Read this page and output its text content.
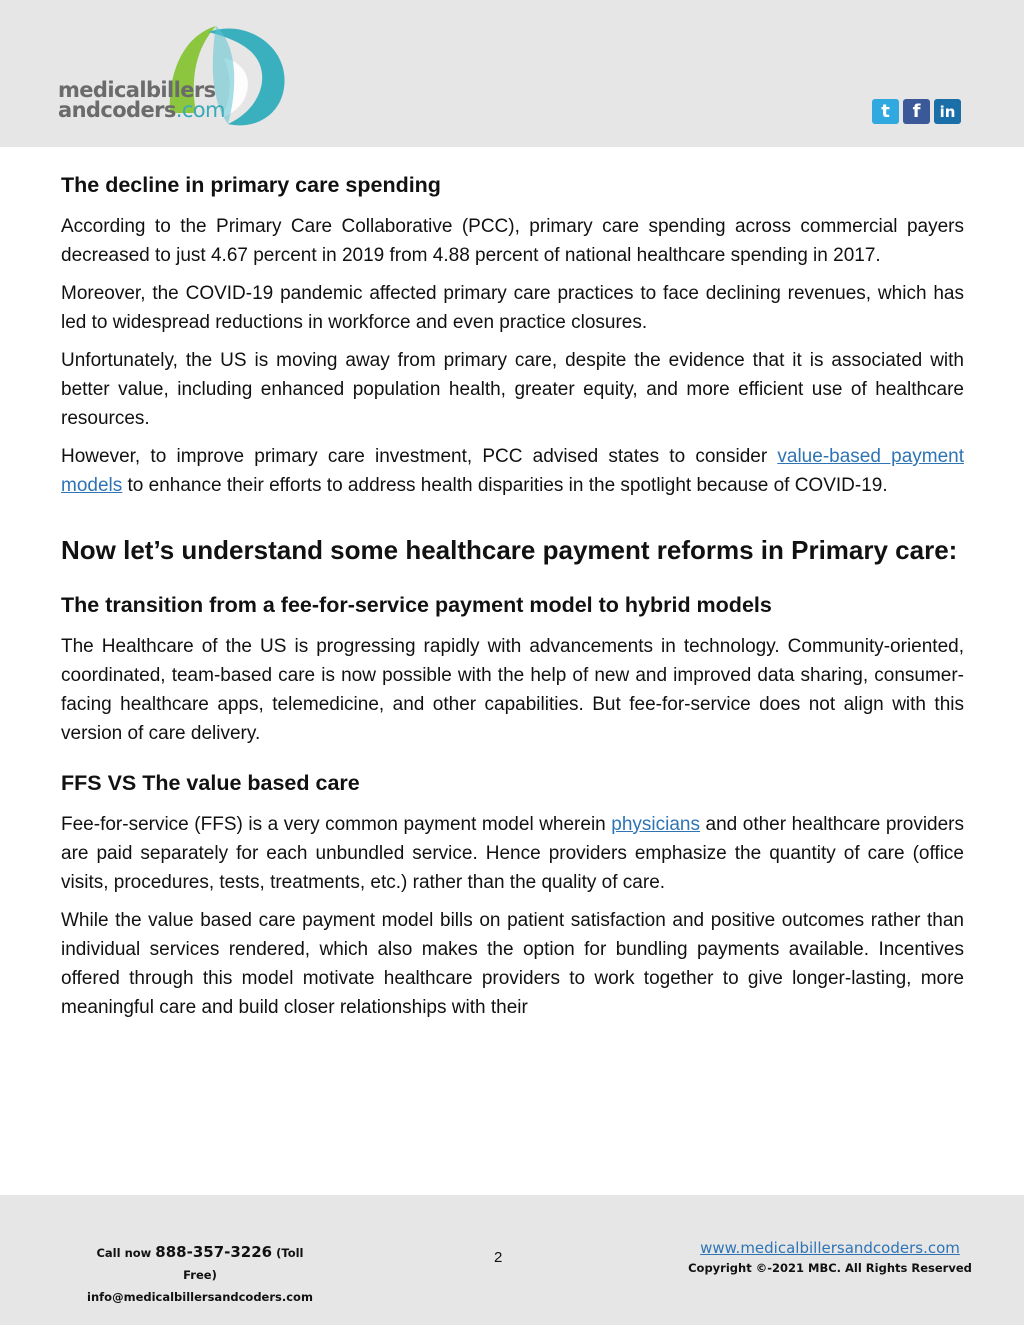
medicalbillers
andcoders.com	t	f	in
The decline in primary care spending

According to the Primary Care Collaborative (PCC), primary care spending across commercial payers decreased to just 4.67 percent in 2019 from 4.88 percent of national healthcare spending in 2017.

Moreover, the COVID-19 pandemic affected primary care practices to face declining revenues, which has led to widespread reductions in workforce and even practice closures.

Unfortunately, the US is moving away from primary care, despite the evidence that it is associated with better value, including enhanced population health, greater equity, and more efficient use of healthcare resources.

However, to improve primary care investment, PCC advised states to consider value-based payment models to enhance their efforts to address health disparities in the spotlight because of COVID-19.

Now let’s understand some healthcare payment reforms in Primary care:
The transition from a fee-for-service payment model to hybrid models

The Healthcare of the US is progressing rapidly with advancements in technology. Community-oriented, coordinated, team-based care is now possible with the help of new and improved data sharing, consumer-facing healthcare apps, telemedicine, and other capabilities. But fee-for-service does not align with this version of care delivery.

FFS VS The value based care

Fee-for-service (FFS) is a very common payment model wherein physicians and other healthcare providers are paid separately for each unbundled service. Hence providers emphasize the quantity of care (office visits, procedures, tests, treatments, etc.) rather than the quality of care.

While the value based care payment model bills on patient satisfaction and positive outcomes rather than individual services rendered, which also makes the option for bundling payments available. Incentives offered through this model motivate healthcare providers to work together to give longer-lasting, more meaningful care and build closer relationships with their

Call now 888-357-3226 (Toll Free)
info@medicalbillersandcoders.com
2
www.medicalbillersandcoders.com
Copyright ©-2021 MBC. All Rights Reserved
